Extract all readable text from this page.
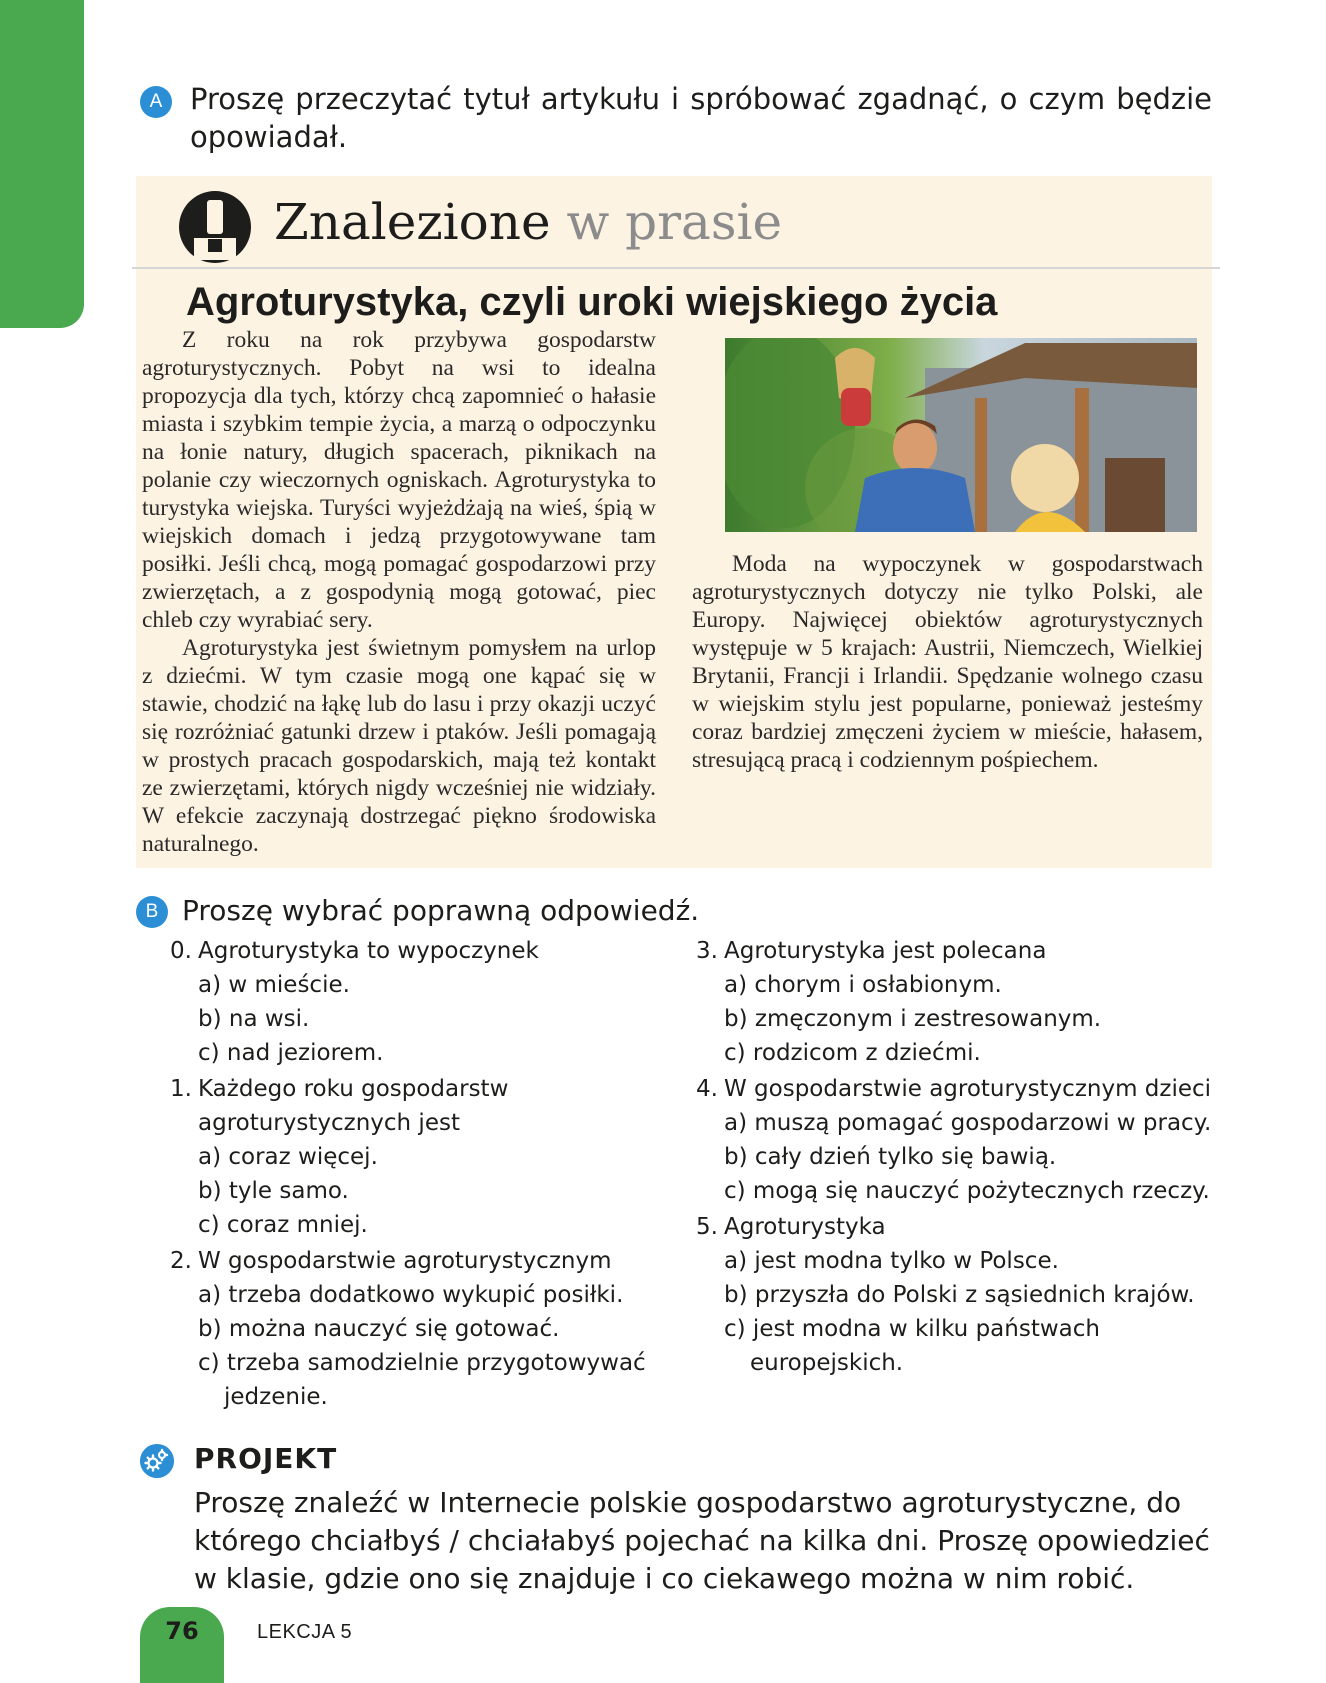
A Proszę przeczytać tytuł artykułu i spróbować zgadnąć, o czym będzie opowiadał.
Znalezione w prasie
Agroturystyka, czyli uroki wiejskiego życia

Z roku na rok przybywa gospodarstw agroturystycznych. Pobyt na wsi to idealna propozycja dla tych, którzy chcą zapomnieć o hałasie miasta i szybkim tempie życia, a marzą o odpoczynku na łonie natury, długich spacerach, piknikach na polanie czy wieczornych ogniskach. Agroturystyka to turystyka wiejska. Turyści wyjeżdżają na wieś, śpią w wiejskich domach i jedzą przygotowywane tam posiłki. Jeśli chcą, mogą pomagać gospodarzowi przy zwierzętach, a z gospodynią mogą gotować, piec chleb czy wyrabiać sery.

Agroturystyka jest świetnym pomysłem na urlop z dziećmi. W tym czasie mogą one kąpać się w stawie, chodzić na łąkę lub do lasu i przy okazji uczyć się rozróżniać gatunki drzew i ptaków. Jeśli pomagają w prostych pracach gospodarskich, mają też kontakt ze zwierzętami, których nigdy wcześniej nie widziały. W efekcie zaczynają dostrzegać piękno środowiska naturalnego.

Moda na wypoczynek w gospodarstwach agroturystycznych dotyczy nie tylko Polski, ale Europy. Najwięcej obiektów agroturystycznych występuje w 5 krajach: Austrii, Niemczech, Wielkiej Brytanii, Francji i Irlandii. Spędzanie wolnego czasu w wiejskim stylu jest popularne, ponieważ jesteśmy coraz bardziej zmęczeni życiem w mieście, hałasem, stresującą pracą i codziennym pośpiechem.

B Proszę wybrać poprawną odpowiedź.
0. Agroturystyka to wypoczynek
a) w mieście.
b) na wsi.
c) nad jeziorem.
1. Każdego roku gospodarstw
agroturystycznych jest
a) coraz więcej.
b) tyle samo.
c) coraz mniej.
2. W gospodarstwie agroturystycznym
a) trzeba dodatkowo wykupić posiłki.
b) można nauczyć się gotować.
c) trzeba samodzielnie przygotowywać
jedzenie.
3. Agroturystyka jest polecana
a) chorym i osłabionym.
b) zmęczonym i zestresowanym.
c) rodzicom z dziećmi.
4. W gospodarstwie agroturystycznym dzieci
a) muszą pomagać gospodarzowi w pracy.
b) cały dzień tylko się bawią.
c) mogą się nauczyć pożytecznych rzeczy.
5. Agroturystyka
a) jest modna tylko w Polsce.
b) przyszła do Polski z sąsiednich krajów.
c) jest modna w kilku państwach
europejskich.
PROJEKT
Proszę znaleźć w Internecie polskie gospodarstwo agroturystyczne, do którego chciałbyś / chciałabyś pojechać na kilka dni. Proszę opowiedzieć w klasie, gdzie ono się znajduje i co ciekawego można w nim robić.
76	LEKCJA 5
